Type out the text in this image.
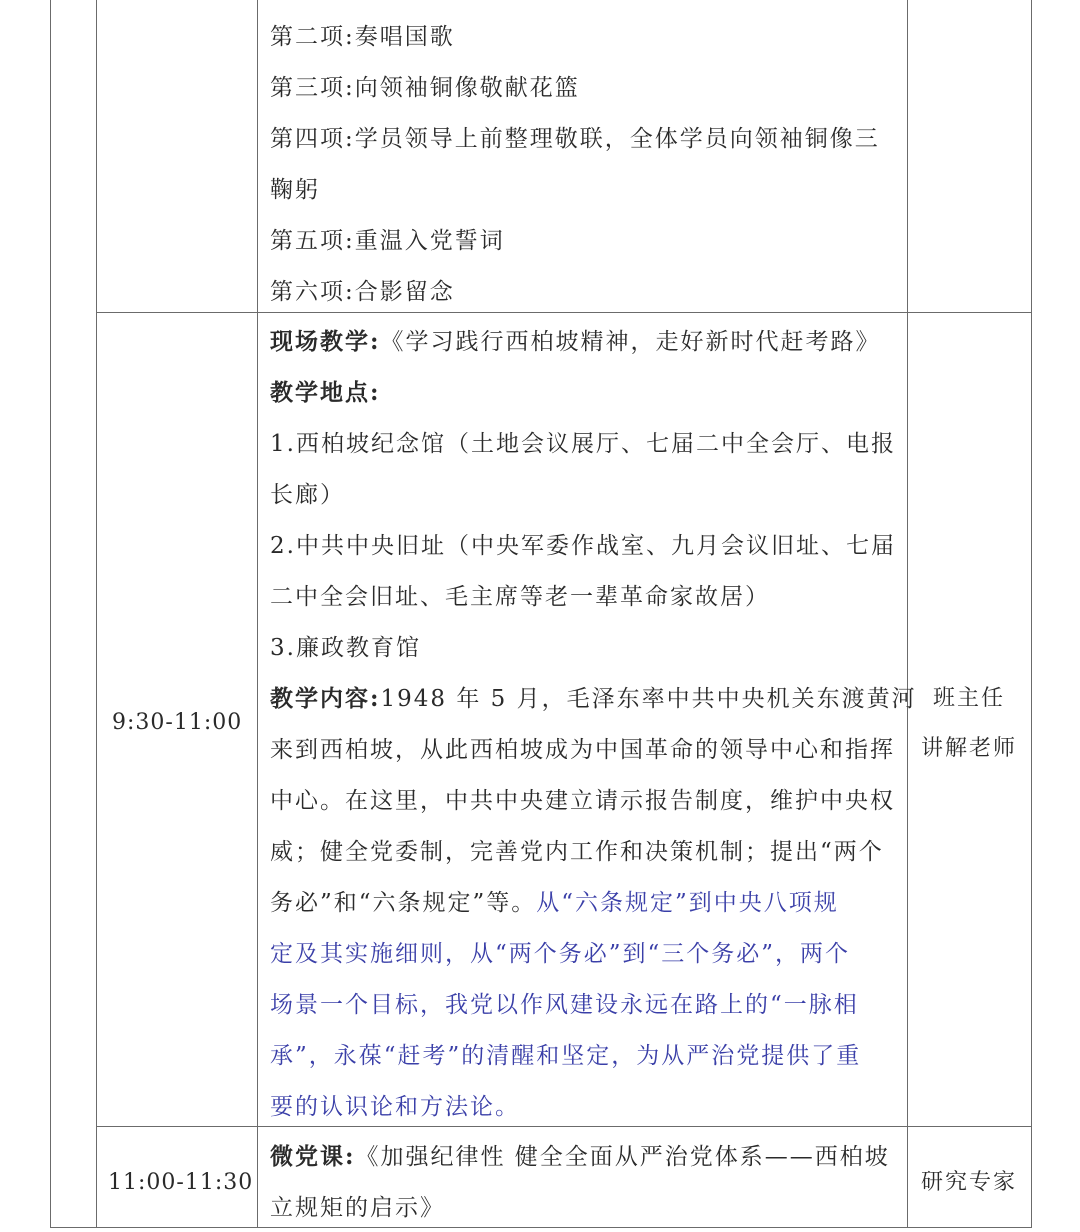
第二项:奏唱国歌
第三项:向领袖铜像敬献花篮
第四项:学员领导上前整理敬联，全体学员向领袖铜像三
鞠躬
第五项:重温入党誓词
第六项:合影留念
9:30-11:00
现场教学:《学习践行西柏坡精神，走好新时代赶考路》
教学地点:
1.西柏坡纪念馆（土地会议展厅、七届二中全会厅、电报
长廊）
2.中共中央旧址（中央军委作战室、九月会议旧址、七届
二中全会旧址、毛主席等老一辈革命家故居）
3.廉政教育馆
教学内容:1948 年 5 月，毛泽东率中共中央机关东渡黄河
来到西柏坡，从此西柏坡成为中国革命的领导中心和指挥
中心。在这里，中共中央建立请示报告制度，维护中央权
威；健全党委制，完善党内工作和决策机制；提出“两个
务必”和“六条规定”等。从“六条规定”到中央八项规
定及其实施细则，从“两个务必”到“三个务必”，两个
场景一个目标，我党以作风建设永远在路上的“一脉相
承”，永葆“赶考”的清醒和坚定，为从严治党提供了重
要的认识论和方法论。
班主任
讲解老师
11:00-11:30
微党课:《加强纪律性 健全全面从严治党体系——西柏坡
立规矩的启示》
研究专家
